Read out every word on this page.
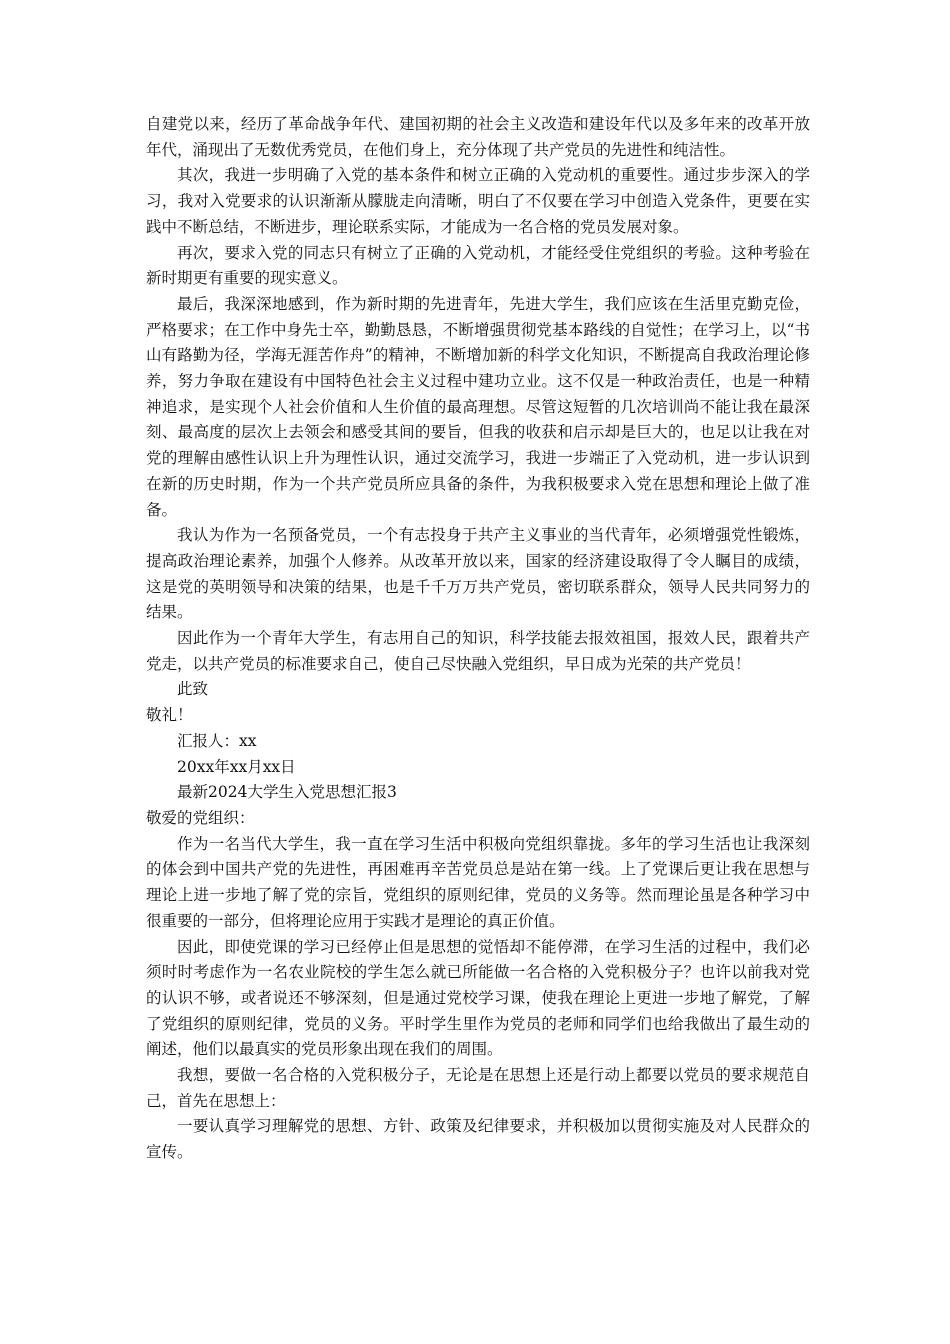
自建党以来，经历了革命战争年代、建国初期的社会主义改造和建设年代以及多年来的改革开放年代，涌现出了无数优秀党员，在他们身上，充分体现了共产党员的先进性和纯洁性。

其次，我进一步明确了入党的基本条件和树立正确的入党动机的重要性。通过步步深入的学习，我对入党要求的认识渐渐从朦胧走向清晰，明白了不仅要在学习中创造入党条件，更要在实践中不断总结，不断进步，理论联系实际，才能成为一名合格的党员发展对象。

再次，要求入党的同志只有树立了正确的入党动机，才能经受住党组织的考验。这种考验在新时期更有重要的现实意义。

最后，我深深地感到，作为新时期的先进青年，先进大学生，我们应该在生活里克勤克俭，严格要求；在工作中身先士卒，勤勤恳恳，不断增强贯彻党基本路线的自觉性；在学习上，以“书山有路勤为径，学海无涯苦作舟”的精神，不断增加新的科学文化知识，不断提高自我政治理论修养，努力争取在建设有中国特色社会主义过程中建功立业。这不仅是一种政治责任，也是一种精神追求，是实现个人社会价值和人生价值的最高理想。尽管这短暂的几次培训尚不能让我在最深刻、最高度的层次上去领会和感受其间的要旨，但我的收获和启示却是巨大的，也足以让我在对党的理解由感性认识上升为理性认识，通过交流学习，我进一步端正了入党动机，进一步认识到在新的历史时期，作为一个共产党员所应具备的条件，为我积极要求入党在思想和理论上做了准备。

我认为作为一名预备党员，一个有志投身于共产主义事业的当代青年，必须增强党性锻炼，提高政治理论素养，加强个人修养。从改革开放以来，国家的经济建设取得了令人瞩目的成绩，这是党的英明领导和决策的结果，也是千千万万共产党员，密切联系群众，领导人民共同努力的结果。

因此作为一个青年大学生，有志用自己的知识，科学技能去报效祖国，报效人民，跟着共产党走，以共产党员的标准要求自己，使自己尽快融入党组织，早日成为光荣的共产党员！

此致

敬礼！

汇报人：xx

20xx年xx月xx日

最新2024大学生入党思想汇报3

敬爱的党组织：

作为一名当代大学生，我一直在学习生活中积极向党组织靠拢。多年的学习生活也让我深刻的体会到中国共产党的先进性，再困难再辛苦党员总是站在第一线。上了党课后更让我在思想与理论上进一步地了解了党的宗旨，党组织的原则纪律，党员的义务等。然而理论虽是各种学习中很重要的一部分，但将理论应用于实践才是理论的真正价值。

因此，即使党课的学习已经停止但是思想的觉悟却不能停滞，在学习生活的过程中，我们必须时时考虑作为一名农业院校的学生怎么就已所能做一名合格的入党积极分子？也许以前我对党的认识不够，或者说还不够深刻，但是通过党校学习课，使我在理论上更进一步地了解党，了解了党组织的原则纪律，党员的义务。平时学生里作为党员的老师和同学们也给我做出了最生动的阐述，他们以最真实的党员形象出现在我们的周围。

我想，要做一名合格的入党积极分子，无论是在思想上还是行动上都要以党员的要求规范自己，首先在思想上：

一要认真学习理解党的思想、方针、政策及纪律要求，并积极加以贯彻实施及对人民群众的宣传。
